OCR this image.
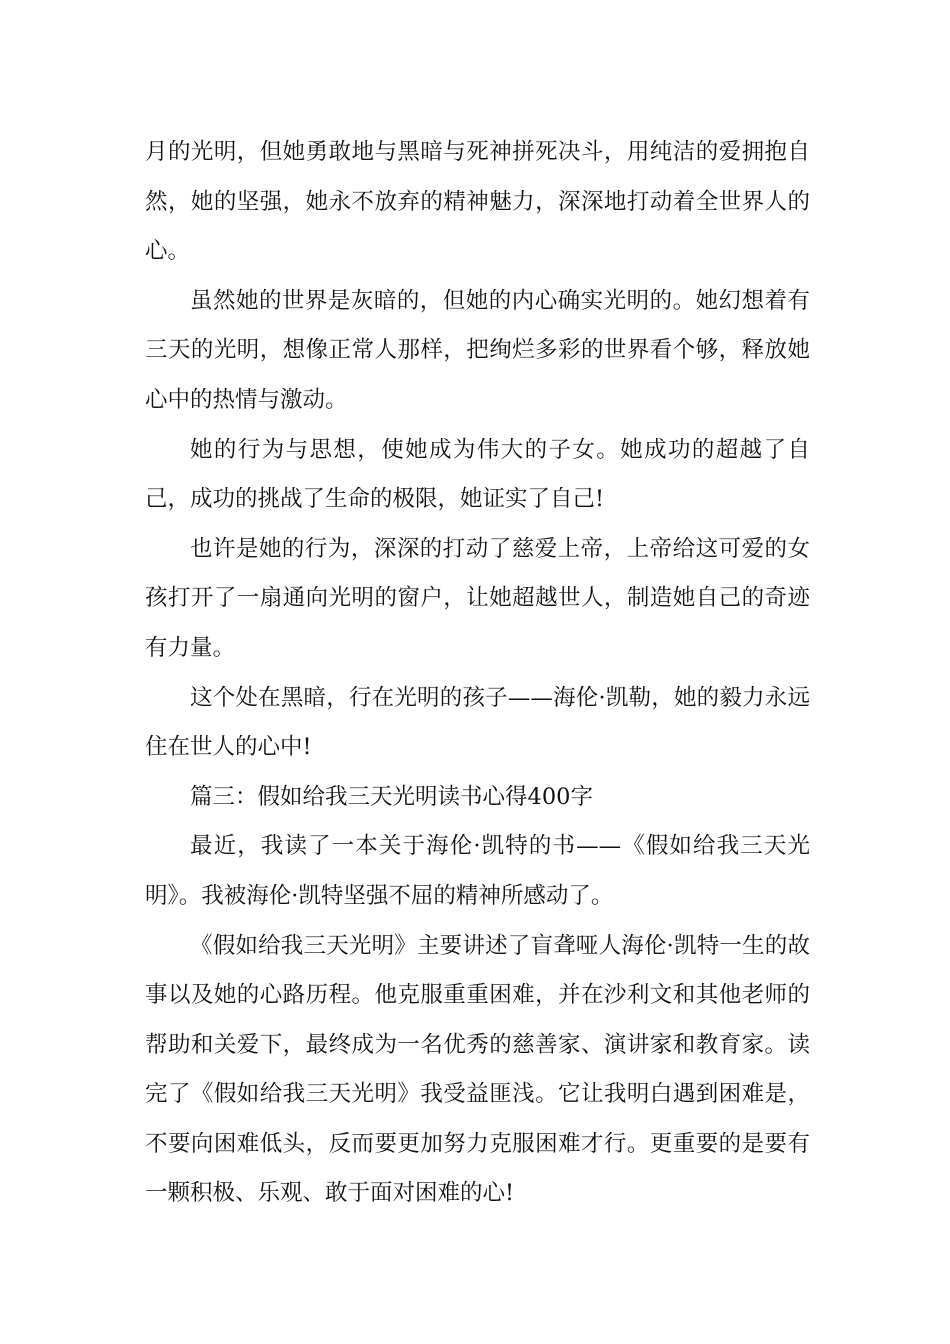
月的光明，但她勇敢地与黑暗与死神拼死决斗，用纯洁的爱拥抱自然，她的坚强，她永不放弃的精神魅力，深深地打动着全世界人的心。

虽然她的世界是灰暗的，但她的内心确实光明的。她幻想着有三天的光明，想像正常人那样，把绚烂多彩的世界看个够，释放她心中的热情与激动。

她的行为与思想，使她成为伟大的子女。她成功的超越了自己，成功的挑战了生命的极限，她证实了自己!

也许是她的行为，深深的打动了慈爱上帝，上帝给这可爱的女孩打开了一扇通向光明的窗户，让她超越世人，制造她自己的奇迹有力量。

这个处在黑暗，行在光明的孩子——海伦·凯勒，她的毅力永远住在世人的心中!

篇三：假如给我三天光明读书心得400字

最近，我读了一本关于海伦·凯特的书——《假如给我三天光明》。我被海伦·凯特坚强不屈的精神所感动了。

《假如给我三天光明》主要讲述了盲聋哑人海伦·凯特一生的故事以及她的心路历程。他克服重重困难，并在沙利文和其他老师的帮助和关爱下，最终成为一名优秀的慈善家、演讲家和教育家。读完了《假如给我三天光明》我受益匪浅。它让我明白遇到困难是，不要向困难低头，反而要更加努力克服困难才行。更重要的是要有一颗积极、乐观、敢于面对困难的心!
